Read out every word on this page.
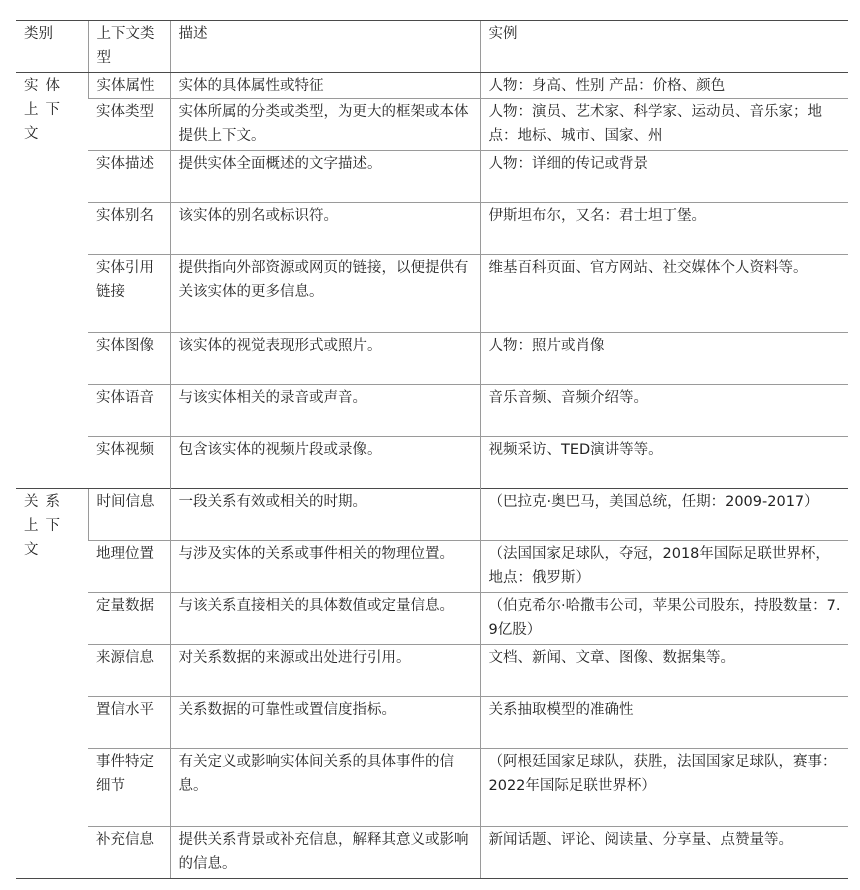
类别	上下文类型	描述	实例
实体上下文	实体属性	实体的具体属性或特征	人物：身高、性别 产品：价格、颜色
	实体类型	实体所属的分类或类型，为更大的框架或本体提供上下文。	人物：演员、艺术家、科学家、运动员、音乐家；地点：地标、城市、国家、州
	实体描述	提供实体全面概述的文字描述。	人物：详细的传记或背景
	实体别名	该实体的别名或标识符。	伊斯坦布尔，又名：君士坦丁堡。
	实体引用链接	提供指向外部资源或网页的链接，以便提供有关该实体的更多信息。	维基百科页面、官方网站、社交媒体个人资料等。
	实体图像	该实体的视觉表现形式或照片。	人物：照片或肖像
	实体语音	与该实体相关的录音或声音。	音乐音频、音频介绍等。
	实体视频	包含该实体的视频片段或录像。	视频采访、TED演讲等等。
关系上下文	时间信息	一段关系有效或相关的时期。	（巴拉克·奥巴马，美国总统，任期：2009-2017）
	地理位置	与涉及实体的关系或事件相关的物理位置。	（法国国家足球队，夺冠，2018年国际足联世界杯，地点：俄罗斯）
	定量数据	与该关系直接相关的具体数值或定量信息。	（伯克希尔·哈撒韦公司，苹果公司股东，持股数量：7.9亿股）
	来源信息	对关系数据的来源或出处进行引用。	文档、新闻、文章、图像、数据集等。
	置信水平	关系数据的可靠性或置信度指标。	关系抽取模型的准确性
	事件特定细节	有关定义或影响实体间关系的具体事件的信息。	（阿根廷国家足球队，获胜，法国国家足球队，赛事：2022年国际足联世界杯）
	补充信息	提供关系背景或补充信息，解释其意义或影响的信息。	新闻话题、评论、阅读量、分享量、点赞量等。
